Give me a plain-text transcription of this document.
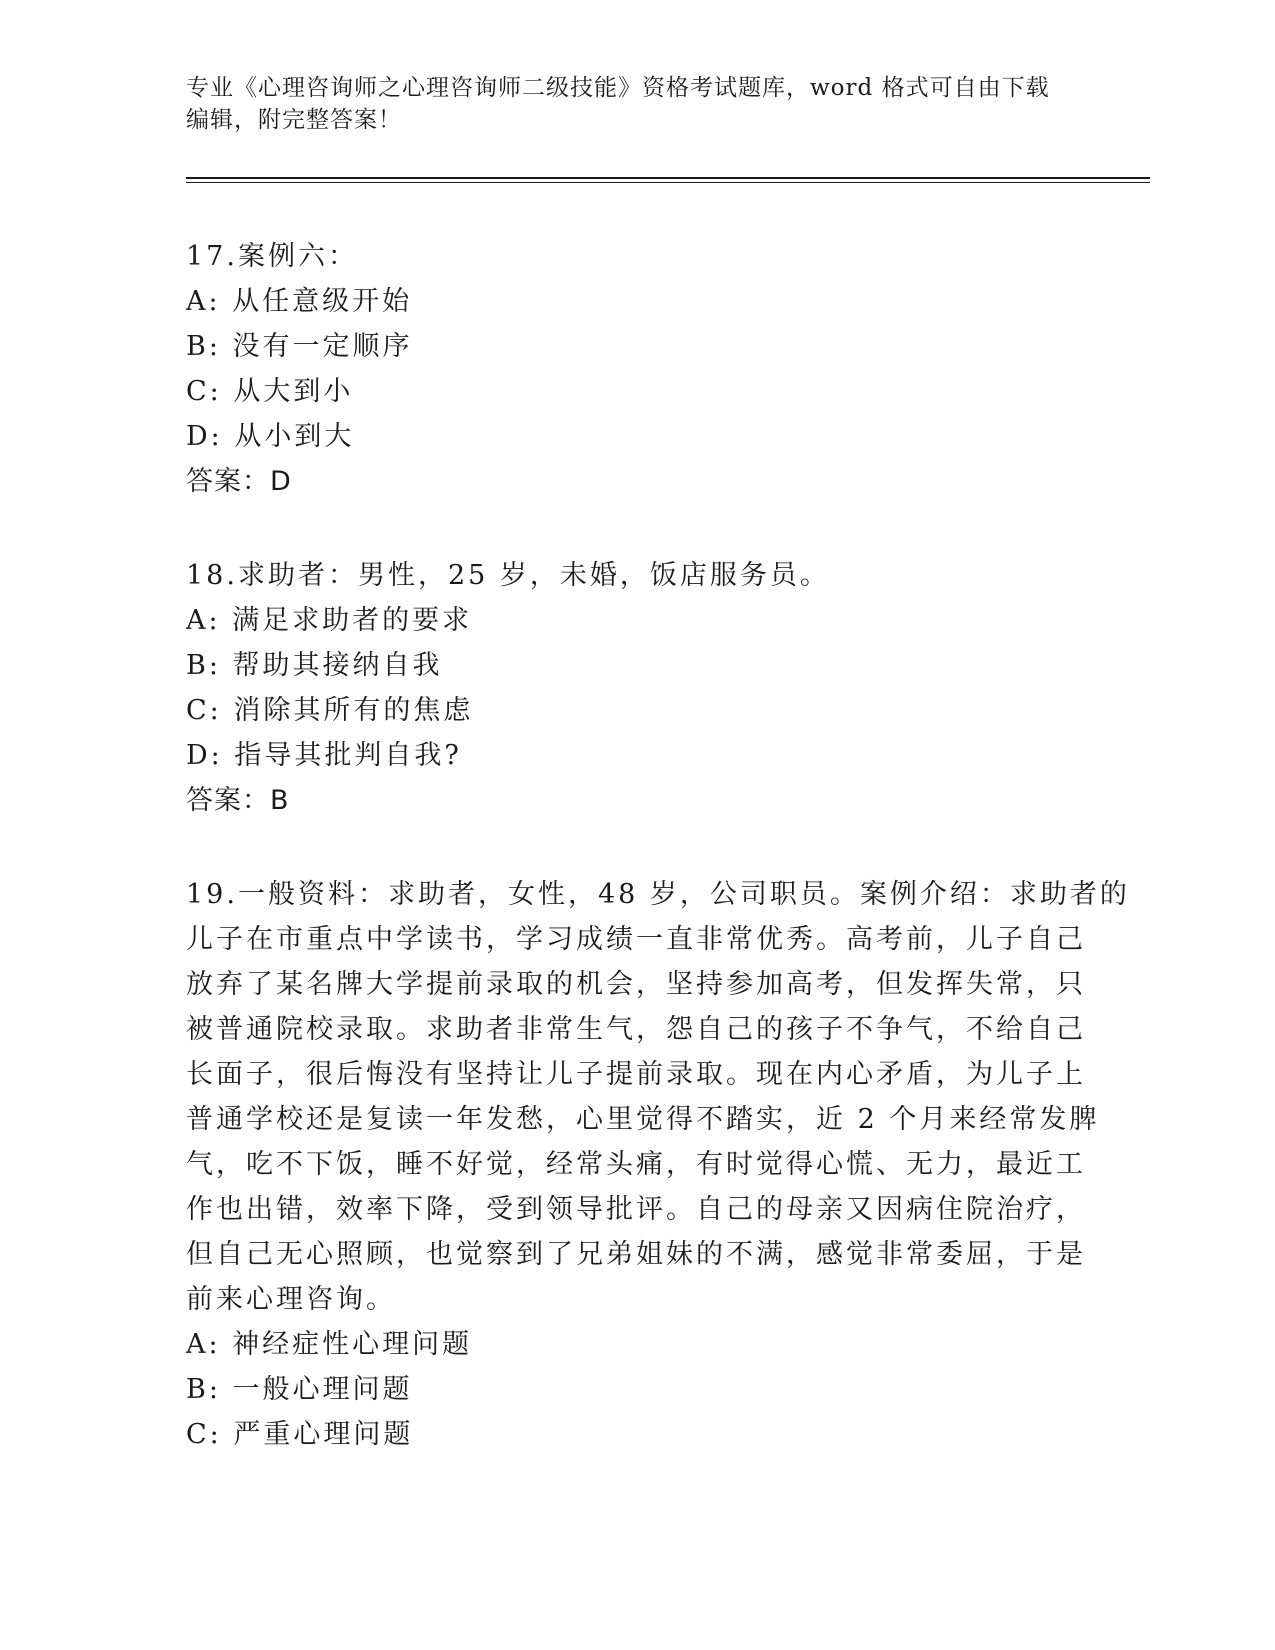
专业《心理咨询师之心理咨询师二级技能》资格考试题库，word 格式可自由下载
编辑，附完整答案！
17.案例六：
A: 从任意级开始
B: 没有一定顺序
C: 从大到小
D: 从小到大
答案：D
18.求助者：男性，25 岁，未婚，饭店服务员。
A: 满足求助者的要求
B: 帮助其接纳自我
C: 消除其所有的焦虑
D: 指导其批判自我?
答案：B
19.一般资料：求助者，女性，48 岁，公司职员。案例介绍：求助者的
儿子在市重点中学读书，学习成绩一直非常优秀。高考前，儿子自己
放弃了某名牌大学提前录取的机会，坚持参加高考，但发挥失常，只
被普通院校录取。求助者非常生气，怨自己的孩子不争气，不给自己
长面子，很后悔没有坚持让儿子提前录取。现在内心矛盾，为儿子上
普通学校还是复读一年发愁，心里觉得不踏实，近 2 个月来经常发脾
气，吃不下饭，睡不好觉，经常头痛，有时觉得心慌、无力，最近工
作也出错，效率下降，受到领导批评。自己的母亲又因病住院治疗，
但自己无心照顾，也觉察到了兄弟姐妹的不满，感觉非常委屈，于是
前来心理咨询。
A: 神经症性心理问题
B: 一般心理问题
C: 严重心理问题
